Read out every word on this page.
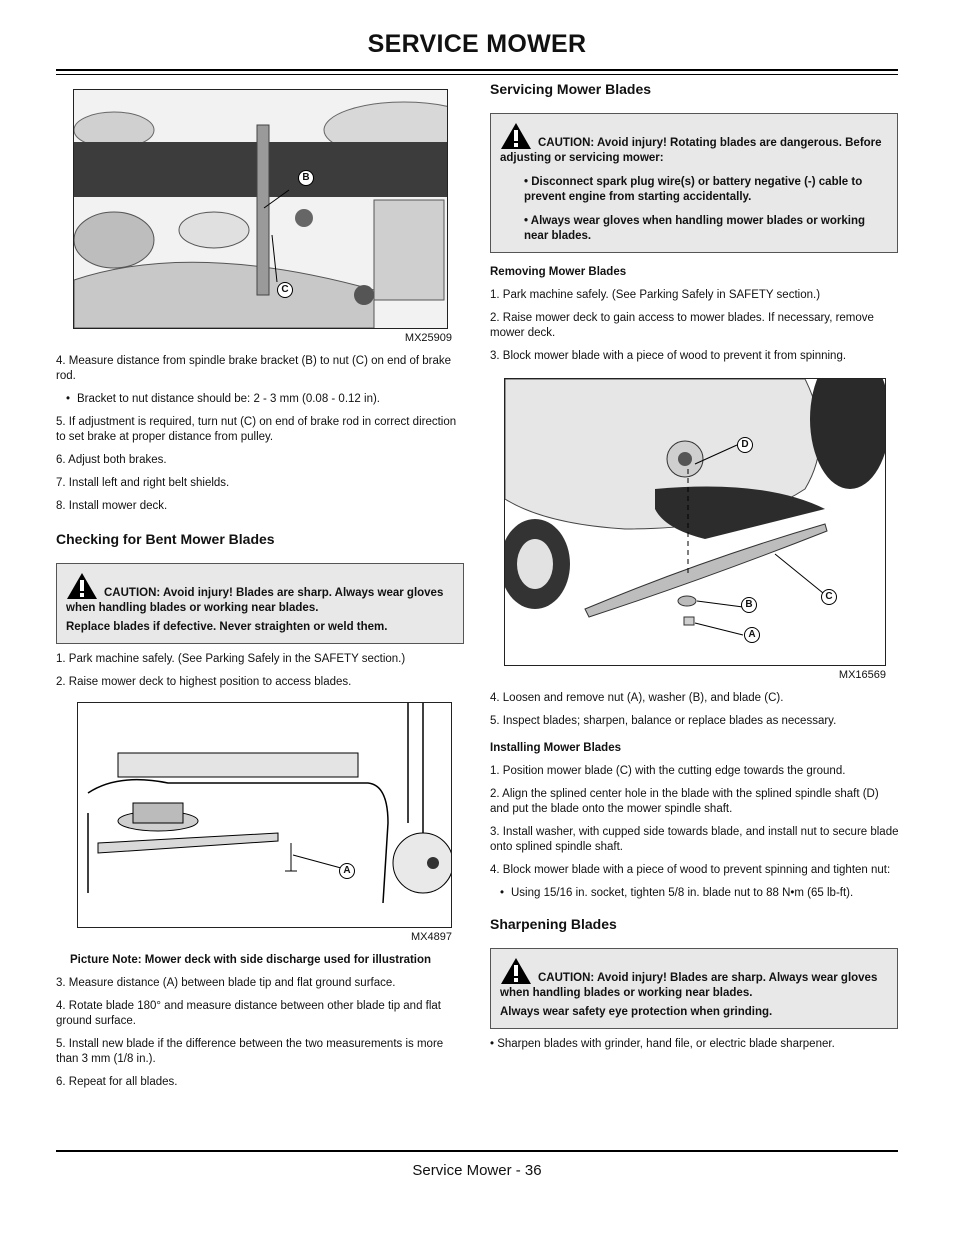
SERVICE MOWER
B
C
MX25909

4. Measure distance from spindle brake bracket (B) to nut (C) on end of brake rod.

• Bracket to nut distance should be: 2 - 3 mm (0.08 - 0.12 in).

5. If adjustment is required, turn nut (C) on end of brake rod in correct direction to set brake at proper distance from pulley.

6. Adjust both brakes.

7. Install left and right belt shields.

8. Install mower deck.

Checking for Bent Mower Blades
CAUTION: Avoid injury! Blades are sharp. Always wear gloves when handling blades or working near blades.
Replace blades if defective. Never straighten or weld them.

1. Park machine safely. (See Parking Safely in the SAFETY section.)

2. Raise mower deck to highest position to access blades.

A
MX4897
Picture Note: Mower deck with side discharge used for illustration

3. Measure distance (A) between blade tip and flat ground surface.

4. Rotate blade 180° and measure distance between other blade tip and flat ground surface.

5. Install new blade if the difference between the two measurements is more than 3 mm (1/8 in.).

6. Repeat for all blades.

Servicing Mower Blades
CAUTION: Avoid injury! Rotating blades are dangerous. Before adjusting or servicing mower:
• Disconnect spark plug wire(s) or battery negative (-) cable to prevent engine from starting accidentally.
• Always wear gloves when handling mower blades or working near blades.
Removing Mower Blades

1. Park machine safely. (See Parking Safely in SAFETY section.)

2. Raise mower deck to gain access to mower blades. If necessary, remove mower deck.

3. Block mower blade with a piece of wood to prevent it from spinning.

D
C
B
A
MX16569

4. Loosen and remove nut (A), washer (B), and blade (C).

5. Inspect blades; sharpen, balance or replace blades as necessary.

Installing Mower Blades

1. Position mower blade (C) with the cutting edge towards the ground.

2. Align the splined center hole in the blade with the splined spindle shaft (D) and put the blade onto the mower spindle shaft.

3. Install washer, with cupped side towards blade, and install nut to secure blade onto splined spindle shaft.

4. Block mower blade with a piece of wood to prevent spinning and tighten nut:

• Using 15/16 in. socket, tighten 5/8 in. blade nut to 88 N•m (65 lb-ft).

Sharpening Blades
CAUTION: Avoid injury! Blades are sharp. Always wear gloves when handling blades or working near blades.
Always wear safety eye protection when grinding.

• Sharpen blades with grinder, hand file, or electric blade sharpener.

Service Mower - 36
